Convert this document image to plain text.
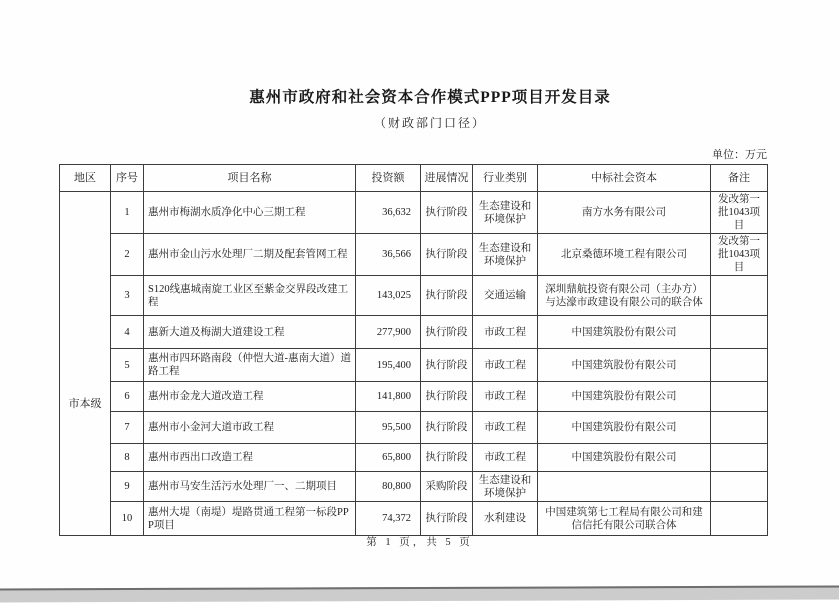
惠州市政府和社会资本合作模式PPP项目开发目录
（财政部门口径）
单位：万元
地区	序号	项目名称	投资额	进展情况	行业类别	中标社会资本	备注
市本级	1	惠州市梅湖水质净化中心三期工程	36,632	执行阶段	生态建设和环境保护	南方水务有限公司	发改第一批1043项目
	2	惠州市金山污水处理厂二期及配套管网工程	36,566	执行阶段	生态建设和环境保护	北京桑德环境工程有限公司	发改第一批1043项目
	3	S120线惠城南旋工业区至紫金交界段改建工程	143,025	执行阶段	交通运输	深圳鼎航投资有限公司（主办方）与达濠市政建设有限公司的联合体	
	4	惠新大道及梅湖大道建设工程	277,900	执行阶段	市政工程	中国建筑股份有限公司	
	5	惠州市四环路南段（仲恺大道-惠南大道）道路工程	195,400	执行阶段	市政工程	中国建筑股份有限公司	
	6	惠州市金龙大道改造工程	141,800	执行阶段	市政工程	中国建筑股份有限公司	
	7	惠州市小金河大道市政工程	95,500	执行阶段	市政工程	中国建筑股份有限公司	
	8	惠州市西出口改造工程	65,800	执行阶段	市政工程	中国建筑股份有限公司	
	9	惠州市马安生活污水处理厂一、二期项目	80,800	采购阶段	生态建设和环境保护		
	10	惠州大堤（南堤）堤路贯通工程第一标段PPP项目	74,372	执行阶段	水利建设	中国建筑第七工程局有限公司和建信信托有限公司联合体	
第 1 页，共 5 页
